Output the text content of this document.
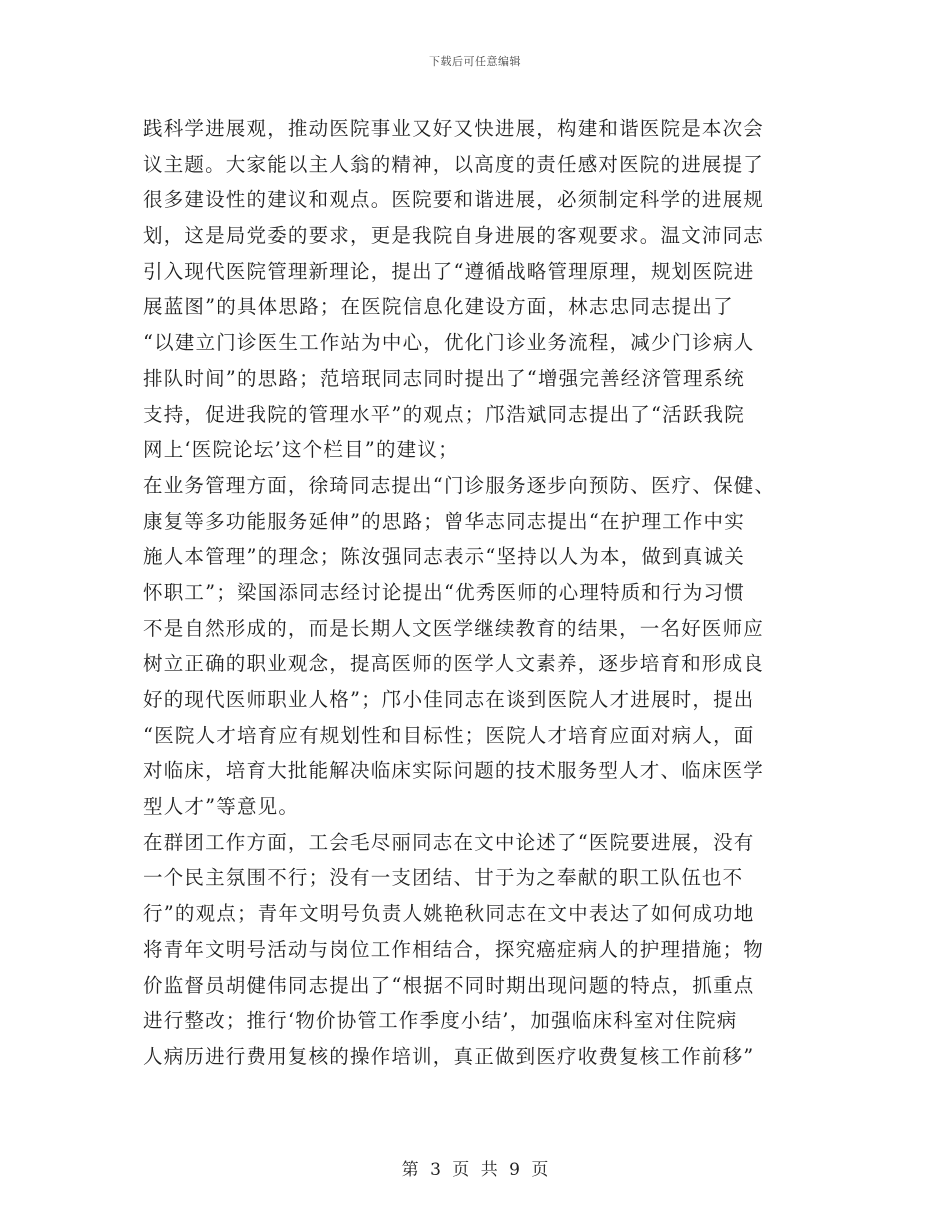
下载后可任意编辑
践科学进展观，推动医院事业又好又快进展，构建和谐医院是本次会
议主题。大家能以主人翁的精神，以高度的责任感对医院的进展提了
很多建设性的建议和观点。医院要和谐进展，必须制定科学的进展规
划，这是局党委的要求，更是我院自身进展的客观要求。温文沛同志
引入现代医院管理新理论，提出了“遵循战略管理原理，规划医院进
展蓝图”的具体思路；在医院信息化建设方面，林志忠同志提出了
“以建立门诊医生工作站为中心，优化门诊业务流程，减少门诊病人
排队时间”的思路；范培珉同志同时提出了“增强完善经济管理系统
支持，促进我院的管理水平”的观点；邝浩斌同志提出了“活跃我院
网上‘医院论坛’这个栏目”的建议；
在业务管理方面，徐琦同志提出“门诊服务逐步向预防、医疗、保健、
康复等多功能服务延伸”的思路；曾华志同志提出“在护理工作中实
施人本管理”的理念；陈汝强同志表示“坚持以人为本，做到真诚关
怀职工”；梁国添同志经讨论提出“优秀医师的心理特质和行为习惯
不是自然形成的，而是长期人文医学继续教育的结果，一名好医师应
树立正确的职业观念，提高医师的医学人文素养，逐步培育和形成良
好的现代医师职业人格”；邝小佳同志在谈到医院人才进展时，提出
“医院人才培育应有规划性和目标性；医院人才培育应面对病人，面
对临床，培育大批能解决临床实际问题的技术服务型人才、临床医学
型人才”等意见。
在群团工作方面，工会毛尽丽同志在文中论述了“医院要进展，没有
一个民主氛围不行；没有一支团结、甘于为之奉献的职工队伍也不
行”的观点；青年文明号负责人姚艳秋同志在文中表达了如何成功地
将青年文明号活动与岗位工作相结合，探究癌症病人的护理措施；物
价监督员胡健伟同志提出了“根据不同时期出现问题的特点，抓重点
进行整改；推行‘物价协管工作季度小结’，加强临床科室对住院病
人病历进行费用复核的操作培训，真正做到医疗收费复核工作前移”
第 3 页 共 9 页
